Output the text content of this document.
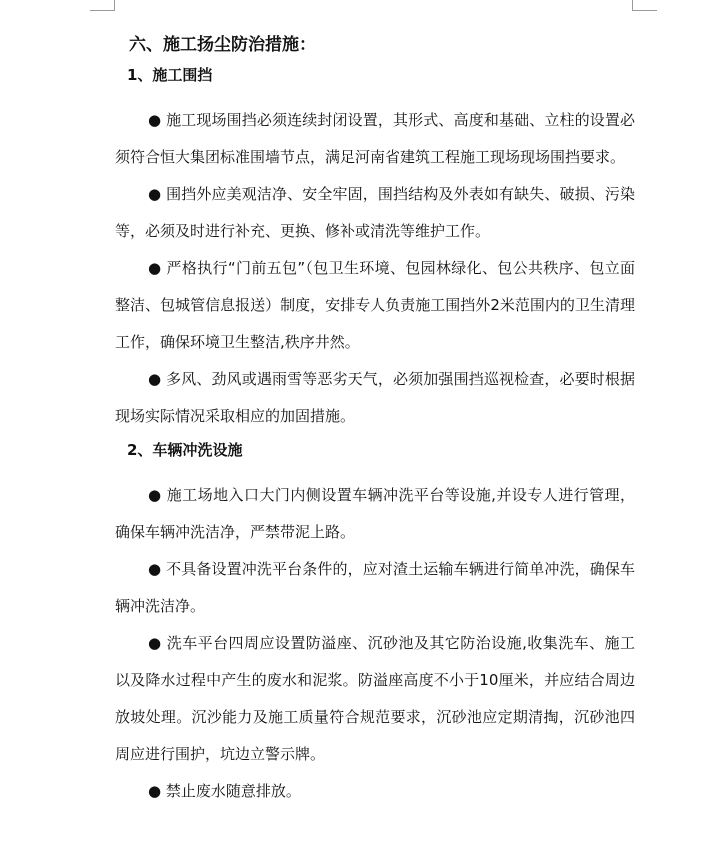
六、施工扬尘防治措施：
1、施工围挡

● 施工现场围挡必须连续封闭设置，其形式、高度和基础、立柱的设置必须符合恒大集团标准围墙节点，满足河南省建筑工程施工现场现场围挡要求。

● 围挡外应美观洁净、安全牢固，围挡结构及外表如有缺失、破损、污染等，必须及时进行补充、更换、修补或清洗等维护工作。

● 严格执行“门前五包”（包卫生环境、包园林绿化、包公共秩序、包立面整洁、包城管信息报送）制度，安排专人负责施工围挡外2米范围内的卫生清理工作，确保环境卫生整洁,秩序井然。

● 多风、劲风或遇雨雪等恶劣天气，必须加强围挡巡视检查，必要时根据现场实际情况采取相应的加固措施。

2、车辆冲洗设施

● 施工场地入口大门内侧设置车辆冲洗平台等设施,并设专人进行管理，确保车辆冲洗洁净，严禁带泥上路。

● 不具备设置冲洗平台条件的，应对渣土运输车辆进行简单冲洗，确保车辆冲洗洁净。

● 洗车平台四周应设置防溢座、沉砂池及其它防治设施,收集洗车、施工以及降水过程中产生的废水和泥浆。防溢座高度不小于10厘米，并应结合周边放坡处理。沉沙能力及施工质量符合规范要求，沉砂池应定期清掏，沉砂池四周应进行围护，坑边立警示牌。

● 禁止废水随意排放。
